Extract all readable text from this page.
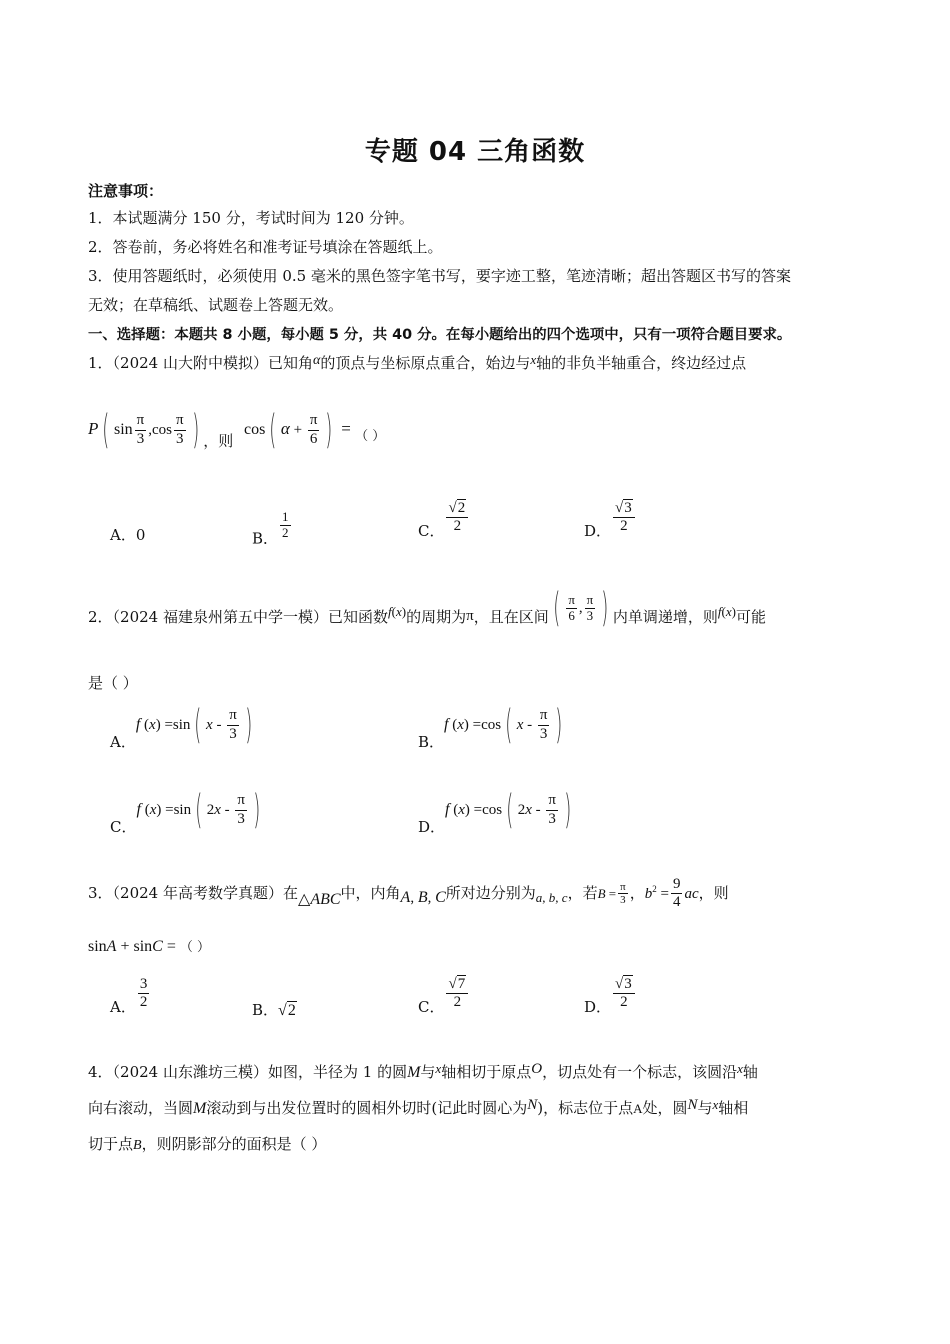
专题 04 三角函数
注意事项：
1．本试题满分 150 分，考试时间为 120 分钟。
2．答卷前，务必将姓名和准考证号填涂在答题纸上。
3．使用答题纸时，必须使用 0.5 毫米的黑色签字笔书写，要字迹工整，笔迹清晰；超出答题区书写的答案
无效；在草稿纸、试题卷上答题无效。
一、选择题：本题共 8 小题，每小题 5 分，共 40 分。在每小题给出的四个选项中，只有一项符合题目要求。
1．（2024 山大附中模拟）已知角α的顶点与坐标原点重合，始边与x轴的非负半轴重合，终边经过点
P ( $\sin \frac{\pi}{3} ,\cos \frac{\pi}{3}$ ) ，则 cos ( $\alpha + \frac{\pi}{6}$ ) = （ ）
A．0	B． $\frac{1}{2}$	C． $\frac{√2}{2}$	D． $\frac{√3}{2}$
2．（2024 福建泉州第五中学一模）已知函数f(x)的周期为π，且在区间 ( $\frac{\pi}{6}$ , $\frac{\pi}{3}$ ) 内单调递增，则f(x)可能
是（ ）
A．f (x) =sin ( x - $\frac{\pi}{3}$ )	B．f (x) =cos ( x - $\frac{\pi}{3}$ )
C．f (x) =sin ( $2x - \frac{\pi}{3}$ )	D．f (x) =cos ( $2x - \frac{\pi}{3}$ )
3．（2024 年高考数学真题）在△ABC中，内角A, B, C所对边分别为a, b, c，若$B = \frac{\pi}{3}$ ，$b^2 = \frac{9}{4}$ ac，则
sinA + sinC = （ ）
A． $\frac{3}{2}$	B．√2	C． $\frac{√7}{2}$	D． $\frac{√3}{2}$
4．（2024 山东潍坊三模）如图，半径为 1 的圆M与x轴相切于原点O，切点处有一个标志，该圆沿x轴
向右滚动，当圆M滚动到与出发位置时的圆相外切时(记此时圆心为N)，标志位于点A处，圆N与x轴相
切于点B，则阴影部分的面积是（ ）
